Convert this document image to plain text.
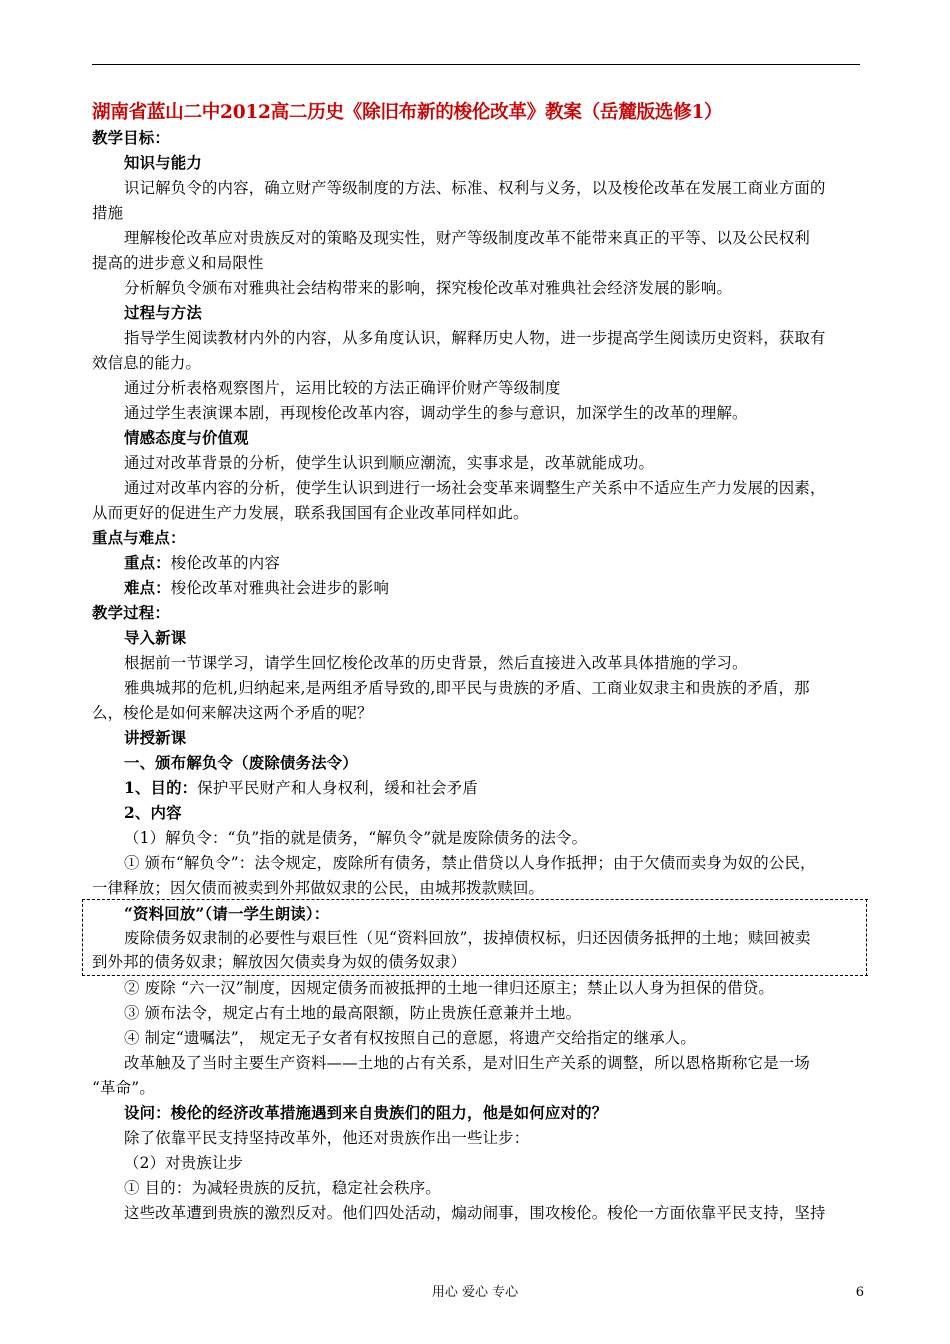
湖南省蓝山二中2012高二历史《除旧布新的梭伦改革》教案（岳麓版选修1）
教学目标：
知识与能力
识记解负令的内容，确立财产等级制度的方法、标准、权利与义务，以及梭伦改革在发展工商业方面的
措施
理解梭伦改革应对贵族反对的策略及现实性，财产等级制度改革不能带来真正的平等、以及公民权利
提高的进步意义和局限性
分析解负令颁布对雅典社会结构带来的影响，探究梭伦改革对雅典社会经济发展的影响。
过程与方法
指导学生阅读教材内外的内容，从多角度认识，解释历史人物，进一步提高学生阅读历史资料，获取有
效信息的能力。
通过分析表格观察图片，运用比较的方法正确评价财产等级制度
通过学生表演课本剧，再现梭伦改革内容，调动学生的参与意识，加深学生的改革的理解。
情感态度与价值观
通过对改革背景的分析，使学生认识到顺应潮流，实事求是，改革就能成功。
通过对改革内容的分析，使学生认识到进行一场社会变革来调整生产关系中不适应生产力发展的因素，
从而更好的促进生产力发展，联系我国国有企业改革同样如此。
重点与难点：
重点：梭伦改革的内容
难点：梭伦改革对雅典社会进步的影响
教学过程：
导入新课
根据前一节课学习，请学生回忆梭伦改革的历史背景，然后直接进入改革具体措施的学习。
雅典城邦的危机,归纳起来,是两组矛盾导致的,即平民与贵族的矛盾、工商业奴隶主和贵族的矛盾，那
么，梭伦是如何来解决这两个矛盾的呢？
讲授新课
一、颁布解负令（废除债务法令）
1、目的：保护平民财产和人身权利，缓和社会矛盾
2、内容
（1）解负令：“负”指的就是债务，“解负令”就是废除债务的法令。
① 颁布“解负令”：法令规定，废除所有债务，禁止借贷以人身作抵押；由于欠债而卖身为奴的公民，
一律释放；因欠债而被卖到外邦做奴隶的公民，由城邦拨款赎回。
“资料回放”（请一学生朗读）：
废除债务奴隶制的必要性与艰巨性（见“资料回放”，拔掉债权标，归还因债务抵押的土地；赎回被卖
到外邦的债务奴隶；解放因欠债卖身为奴的债务奴隶）
② 废除 “六一汉”制度，因规定债务而被抵押的土地一律归还原主；禁止以人身为担保的借贷。
③ 颁布法令，规定占有土地的最高限额，防止贵族任意兼并土地。
④ 制定“遗嘱法”， 规定无子女者有权按照自己的意愿，将遗产交给指定的继承人。
改革触及了当时主要生产资料——土地的占有关系，是对旧生产关系的调整，所以恩格斯称它是一场
“革命”。
设问：梭伦的经济改革措施遇到来自贵族们的阻力，他是如何应对的？
除了依靠平民支持坚持改革外，他还对贵族作出一些让步：
（2）对贵族让步
① 目的：为减轻贵族的反抗，稳定社会秩序。
这些改革遭到贵族的激烈反对。他们四处活动，煽动闹事，围攻梭伦。梭伦一方面依靠平民支持，坚持
用心 爱心 专心	6
